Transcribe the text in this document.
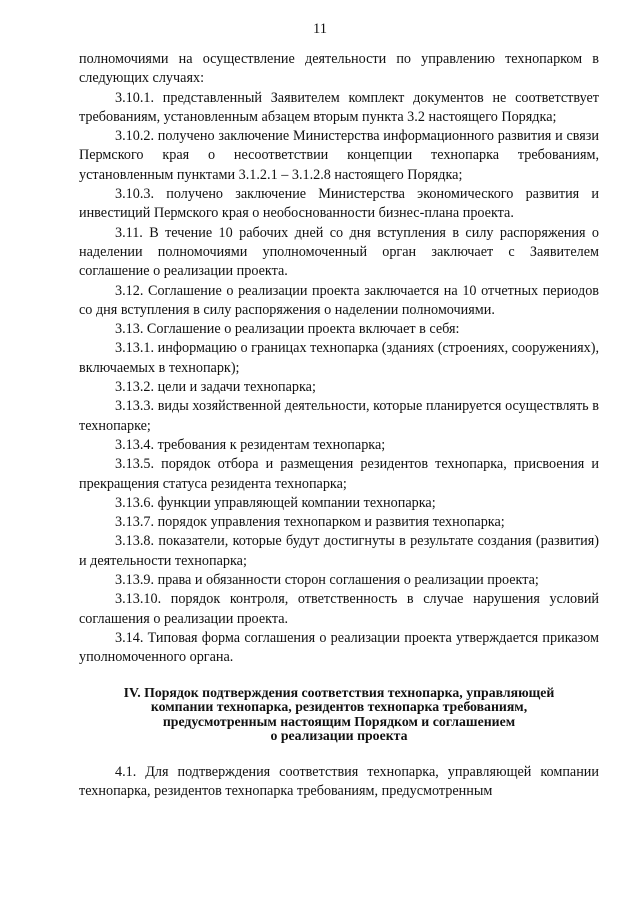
11

полномочиями на осуществление деятельности по управлению технопарком в следующих случаях:

3.10.1. представленный Заявителем комплект документов не соответствует требованиям, установленным абзацем вторым пункта 3.2 настоящего Порядка;

3.10.2. получено заключение Министерства информационного развития и связи Пермского края о несоответствии концепции технопарка требованиям, установленным пунктами 3.1.2.1 – 3.1.2.8 настоящего Порядка;

3.10.3. получено заключение Министерства экономического развития и инвестиций Пермского края о необоснованности бизнес-плана проекта.

3.11. В течение 10 рабочих дней со дня вступления в силу распоряжения о наделении полномочиями уполномоченный орган заключает с Заявителем соглашение о реализации проекта.

3.12. Соглашение о реализации проекта заключается на 10 отчетных периодов со дня вступления в силу распоряжения о наделении полномочиями.

3.13. Соглашение о реализации проекта включает в себя:

3.13.1. информацию о границах технопарка (зданиях (строениях, сооружениях), включаемых в технопарк);

3.13.2. цели и задачи технопарка;

3.13.3. виды хозяйственной деятельности, которые планируется осуществлять в технопарке;

3.13.4. требования к резидентам технопарка;

3.13.5. порядок отбора и размещения резидентов технопарка, присвоения и прекращения статуса резидента технопарка;

3.13.6. функции управляющей компании технопарка;

3.13.7. порядок управления технопарком и развития технопарка;

3.13.8. показатели, которые будут достигнуты в результате создания (развития) и деятельности технопарка;

3.13.9. права и обязанности сторон соглашения о реализации проекта;

3.13.10. порядок контроля, ответственность в случае нарушения условий соглашения о реализации проекта.

3.14. Типовая форма соглашения о реализации проекта утверждается приказом уполномоченного органа.

IV. Порядок подтверждения соответствия технопарка, управляющей
компании технопарка, резидентов технопарка требованиям,
предусмотренным настоящим Порядком и соглашением
о реализации проекта

4.1. Для подтверждения соответствия технопарка, управляющей компании технопарка, резидентов технопарка требованиям, предусмотренным
